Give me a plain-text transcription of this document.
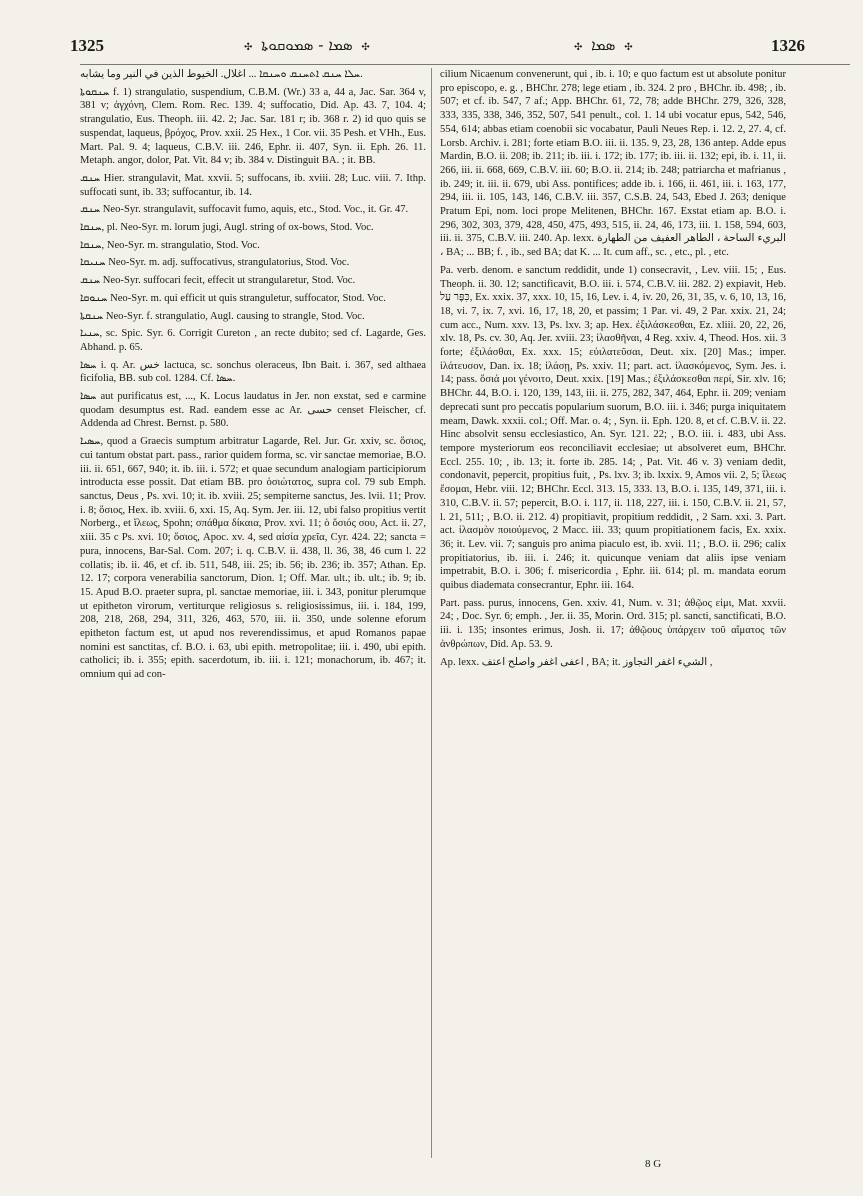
1325	✣ ܣܡܐ - ܣܡܘܩܘܬܐ ✣	✣ ܣܡܐ ✣	1326

ܚܠܐ ܚܢܩ ܐܬܚܢܩ ܘܚܢܩܐ ... اغلال. الخيوط الذين في النير وما يشابه.

ܚܢܩܘܬܐ f. 1) strangulatio, suspendium, C.B.M. (Wr.) 33 a, 44 a, Jac. Sar. 364 v, 381 v; ἀγχόνη, Clem. Rom. Rec. 139. 4; suffocatio, Did. Ap. 43. 7, 104. 4; strangulatio, Eus. Theoph. iii. 42. 2; Jac. Sar. 181 r; ib. 368 r. 2) id quo quis se suspendat, laqueus, βρόχος, Prov. xxii. 25 Hex., 1 Cor. vii. 35 Pesh. et VHh., Eus. Mart. Pal. 9. 4; laqueus, C.B.V. iii. 246, Ephr. ii. 407, Syn. ii. Eph. 26. 11. Metaph. angor, dolor, Pat. Vit. 84 v; ib. 384 v. Distinguit BA. ; it. BB.

ܚܢܩ Hier. strangulavit, Mat. xxvii. 5; suffocans, ib. xviii. 28; Luc. viii. 7. Ithp. suffocati sunt, ib. 33; suffocantur, ib. 14.

ܚܢܩ Neo-Syr. strangulavit, suffocavit fumo, aquis, etc., Stod. Voc., it. Gr. 47.

ܚܢܩܐ, pl. Neo-Syr. m. lorum jugi, Augl. string of ox-bows, Stod. Voc.

ܚܢܩܐ, Neo-Syr. m. strangulatio, Stod. Voc.

ܚܢܝܩܐ Neo-Syr. m. adj. suffocativus, strangulatorius, Stod. Voc.

ܚܢܩ Neo-Syr. suffocari fecit, effecit ut strangularetur, Stod. Voc.

ܚܢܘܩܐ Neo-Syr. m. qui efficit ut quis stranguletur, suffocator, Stod. Voc.

ܚܢܩܬܐ Neo-Syr. f. strangulatio, Augl. causing to strangle, Stod. Voc.

ܚܢܝܐ, sc. Spic. Syr. 6. Corrigit Cureton , an recte dubito; sed cf. Lagarde, Ges. Abhand. p. 65.

ܚܣܐ i. q. Ar. خس lactuca, sc. sonchus oleraceus, Ibn Bait. i. 367, sed althaea ficifolia, BB. sub col. 1284. Cf. ܚܣܐ.

ܚܣܐ aut purificatus est, ..., K. Locus laudatus in Jer. non exstat, sed e carmine quodam desumptus est. Rad. eandem esse ac Ar. حسى censet Fleischer, cf. Addenda ad Chrest. Bernst. p. 580.

ܚܣܝܐ, quod a Graecis sumptum arbitratur Lagarde, Rel. Jur. Gr. xxiv, sc. ὅσιος, cui tantum obstat part. pass., rarior quidem forma, sc. vir sanctae memoriae, B.O. iii. ii. 651, 667, 940; it. ib. iii. i. 572; et quae secundum analogiam participiorum introducta esse possit. Dat etiam BB. pro ὁσιώτατος, supra col. 79 sub Emph. sanctus, Deus , Ps. xvi. 10; it. ib. xviii. 25; sempiterne sanctus, Jes. lvii. 11; Prov. i. 8; ὅσιος, Hex. ib. xviii. 6, xxi. 15, Aq. Sym. Jer. iii. 12, ubi falso propitius vertit Norberg., et ἵλεως, Spohn; σπάθμα δίκαια, Prov. xvi. 11; ὁ ὅσιός σου, Act. ii. 27, xiii. 35 c Ps. xvi. 10; ὅσιος, Apoc. xv. 4, sed αἰσία χρεῖα, Cyr. 424. 22; sancta = pura, innocens, Bar-Sal. Com. 207; i. q. C.B.V. ii. 438, ll. 36, 38, 46 cum l. 22 collatis; ib. ii. 46, et cf. ib. 511, 548, iii. 25; ib. 56; ib. 236; ib. 357; Athan. Ep. 12. 17; corpora venerabilia sanctorum, Dion. 1; Off. Mar. ult.; ib. ult.; ib. 9; ib. 15. Apud B.O. praeter supra, pl. sanctae memoriae, iii. i. 343, ponitur plerumque ut epitheton virorum, vertiturque religiosus s. religiosissimus, iii. i. 184, 199, 208, 218, 268, 294, 311, 326, 463, 570, iii. ii. 350, unde solenne eforum epitheton factum est, ut apud nos reverendissimus, et apud Romanos papae nomini est sanctitas, cf. B.O. i. 63, ubi epith. metropolitae; iii. i. 490, ubi epith. catholici; ib. i. 355; epith. sacerdotum, ib. iii. i. 121; monachorum, ib. 467; it. omnium qui ad con-

cilium Nicaenum convenerunt, qui , ib. i. 10; e quo factum est ut absolute ponitur pro episcopo, e. g. , BHChr. 278; lege etiam , ib. 324. 2 pro , BHChr. ib. 498; , ib. 507; et cf. ib. 547, 7 af.; App. BHChr. 61, 72, 78; adde BHChr. 279, 326, 328, 333, 335, 338, 346, 352, 507, 541 penult., col. 1. 14 ubi vocatur epus, 542, 546, 554, 614; abbas etiam coenobii sic vocabatur, Pauli Neues Rep. i. 12. 2, 27. 4, cf. Lorsb. Archiv. i. 281; forte etiam B.O. iii. ii. 135. 9, 23, 28, 136 antep. Adde epus Mardin, B.O. ii. 208; ib. 211; ib. iii. i. 172; ib. 177; ib. iii. ii. 132; epi, ib. i. 11, ii. 266, iii. ii. 668, 669, C.B.V. iii. 60; B.O. ii. 214; ib. 248; patriarcha et mafrianus , ib. 249; it. iii. ii. 679, ubi Ass. pontifices; adde ib. i. 166, ii. 461, iii. i. 163, 177, 294, iii. ii. 105, 143, 146, C.B.V. iii. 357, C.S.B. 24, 543, Ebed J. 263; denique Pratum Epi, nom. loci prope Melitenen, BHChr. 167. Exstat etiam ap. B.O. i. 296, 302, 303, 379, 428, 450, 475, 493, 515, ii. 24, 46, 173, iii. 1. 158, 594, 603, iii. ii. 375, C.B.V. iii. 240. Ap. lexx. البريء الساحة ، الطاهر العفيف من الطهارة ، BA; ... BB; f. , ib., sed BA; dat K. ... It. cum aff., sc. , etc., pl. , etc.

Pa. verb. denom. e sanctum reddidit, unde 1) consecravit, , Lev. viii. 15; , Eus. Theoph. ii. 30. 12; sanctificavit, B.O. iii. i. 574, C.B.V. iii. 282. 2) expiavit, Heb. כִּפֶּר עַל, Ex. xxix. 37, xxx. 10, 15, 16, Lev. i. 4, iv. 20, 26, 31, 35, v. 6, 10, 13, 16, 18, vi. 7, ix. 7, xvi. 16, 17, 18, 20, et passim; 1 Par. vi. 49, 2 Par. xxix. 21, 24; cum acc., Num. xxv. 13, Ps. lxv. 3; ap. Hex. ἐξιλάσκεσθαι, Ez. xliii. 20, 22, 26, xlv. 18, Ps. cv. 30, Aq. Jer. xviii. 23; ἱλασθῆναι, 4 Reg. xxiv. 4, Theod. Hos. xii. 3 forte; ἐξιλάσθαι, Ex. xxx. 15; εὐιλατεῦσαι, Deut. xix. [20] Mas.; imper. ἱλάτευσον, Dan. ix. 18; ἱλάσῃ, Ps. xxiv. 11; part. act. ἱλασκόμενος, Sym. Jes. i. 14; pass. ὅσιά μοι γένοιτο, Deut. xxix. [19] Mas.; ἐξιλάσκεσθαι περί, Sir. xlv. 16; BHChr. 44, B.O. i. 120, 139, 143, iii. ii. 275, 282, 347, 464, Ephr. ii. 209; veniam deprecati sunt pro peccatis popularium suorum, B.O. iii. i. 346; purga iniquitatem meam, Dawk. xxxii. col.; Off. Mar. o. 4; , Syn. ii. Eph. 120. 8, et cf. C.B.V. ii. 22. Hinc absolvit sensu ecclesiastico, An. Syr. 121. 22; , B.O. iii. i. 483, ubi Ass. tempore mysteriorum eos reconciliavit ecclesiae; ut absolveret eum, BHChr. Eccl. 255. 10; , ib. 13; it. forte ib. 285. 14; , Pat. Vit. 46 v. 3) veniam dedit, condonavit, pepercit, propitius fuit, , Ps. lxv. 3; ib. lxxix. 9, Amos vii. 2, 5; ἵλεως ἔσομαι, Hebr. viii. 12; BHChr. Eccl. 313. 15, 333. 13, B.O. i. 135, 149, 371, iii. i. 310, C.B.V. ii. 57; pepercit, B.O. i. 117, ii. 118, 227, iii. i. 150, C.B.V. ii. 21, 57, l. 21, 511; , B.O. ii. 212. 4) propitiavit, propitium reddidit, , 2 Sam. xxi. 3. Part. act. ἱλασμὸν ποιούμενος, 2 Macc. iii. 33; quum propitiationem facis, Ex. xxix. 36; it. Lev. vii. 7; sanguis pro anima piaculo est, ib. xvii. 11; , B.O. ii. 296; calix propitiatorius, ib. iii. i. 246; it. quicunque veniam dat aliis ipse veniam impetrabit, B.O. i. 306; f. misericordia , Ephr. iii. 614; pl. m. mandata eorum quibus diademata consecrantur, Ephr. iii. 164.

Part. pass. purus, innocens, Gen. xxiv. 41, Num. v. 31; ἀθῷος εἰμι, Mat. xxvii. 24; , Doc. Syr. 6; emph. , Jer. ii. 35, Morin. Ord. 315; pl. sancti, sanctificati, B.O. iii. i. 135; insontes erimus, Josh. ii. 17; ἀθῷους ὑπάρχειν τοῦ αἵματος τῶν ἀνθρώπων, Did. Ap. 53. 9.

Ap. lexx. اعفى اغفر واصلح اعتف , BA; it. الشيء اغفر التجاوز ,

8 G
